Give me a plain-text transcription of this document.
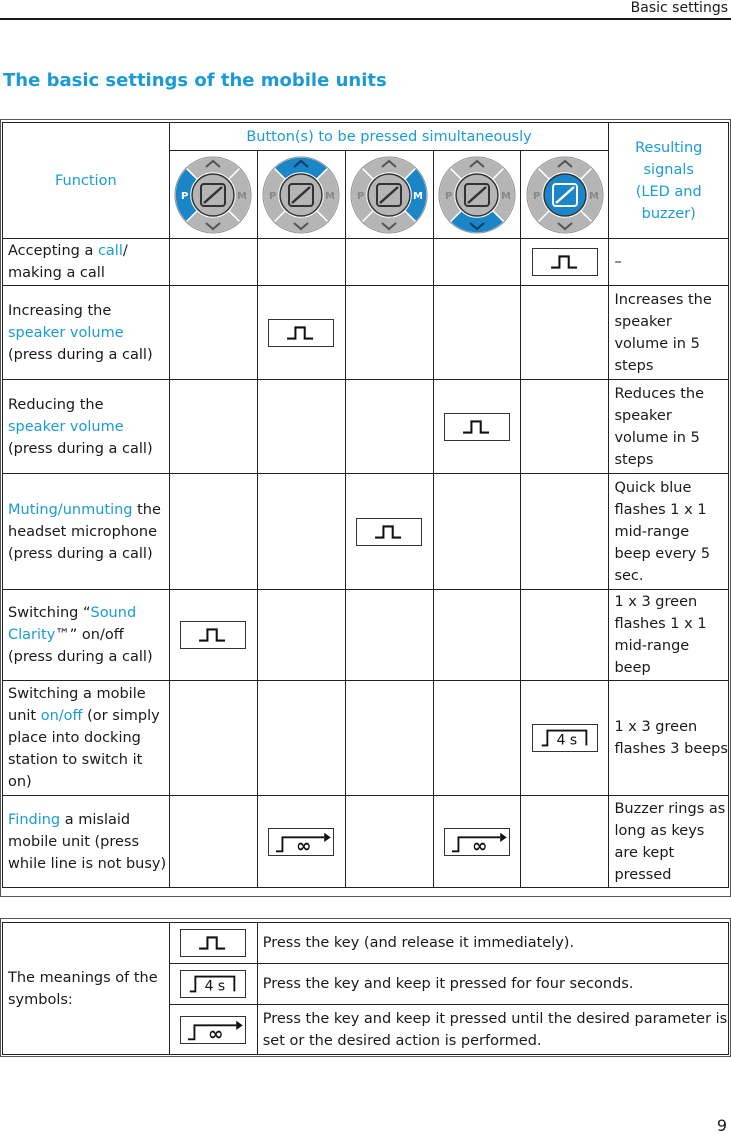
Basic settings
The basic settings of the mobile units
Function	Button(s) to be pressed simultaneously					Resulting
signals
(LED and
buzzer)

P M	P M	P M	P M	P M	

Accepting a call/ making a call						–
Increasing the
speaker volume (press during a call)						Increases the speaker volume in 5 steps
Reducing the
speaker volume (press during a call)						Reduces the speaker volume in 5 steps
Muting/unmuting the headset microphone (press during a call)						Quick blue flashes 1 x 1 mid-range beep every 5 sec.
Switching “Sound Clarity™” on/off (press during a call)						1 x 3 green flashes 1 x 1 mid-range beep
Switching a mobile unit on/off (or simply place into docking station to switch it on)					4 s	1 x 3 green flashes 3 beeps
Finding a mislaid mobile unit (press while line is not busy)		∞		∞		Buzzer rings as long as keys are kept pressed
The meanings of the symbols:		Press the key (and release it immediately).

4 s	Press the key and keep it pressed for four seconds.

∞	Press the key and keep it pressed until the desired parameter is set or the desired action is performed.
9
